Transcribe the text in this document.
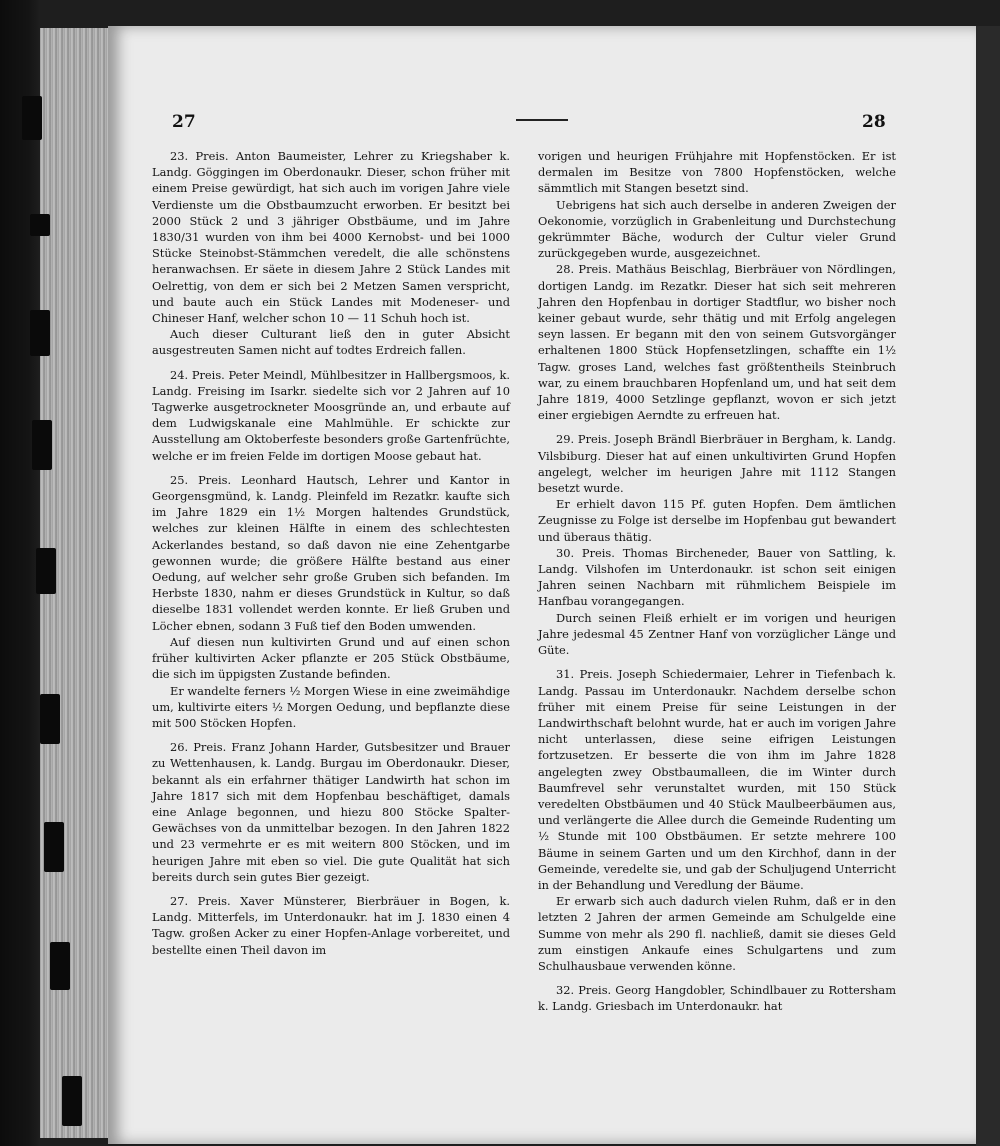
27	28

23. Preis. Anton Baumeister, Lehrer zu Kriegshaber k. Landg. Göggingen im Oberdonaukr. Dieser, schon früher mit einem Preise gewürdigt, hat sich auch im vorigen Jahre viele Verdienste um die Obstbaumzucht erworben. Er besitzt bei 2000 Stück 2 und 3 jähriger Obstbäume, und im Jahre 1830/31 wurden von ihm bei 4000 Kernobst- und bei 1000 Stücke Steinobst-Stämmchen veredelt, die alle schönstens heranwachsen. Er säete in diesem Jahre 2 Stück Landes mit Oelrettig, von dem er sich bei 2 Metzen Samen verspricht, und baute auch ein Stück Landes mit Modeneser- und Chineser Hanf, welcher schon 10 — 11 Schuh hoch ist.

Auch dieser Culturant ließ den in guter Absicht ausgestreuten Samen nicht auf todtes Erdreich fallen.

24. Preis. Peter Meindl, Mühlbesitzer in Hallbergsmoos, k. Landg. Freising im Isarkr. siedelte sich vor 2 Jahren auf 10 Tagwerke ausgetrockneter Moosgründe an, und erbaute auf dem Ludwigskanale eine Mahlmühle. Er schickte zur Ausstellung am Oktoberfeste besonders große Gartenfrüchte, welche er im freien Felde im dortigen Moose gebaut hat.

25. Preis. Leonhard Hautsch, Lehrer und Kantor in Georgensgmünd, k. Landg. Pleinfeld im Rezatkr. kaufte sich im Jahre 1829 ein 1½ Morgen haltendes Grundstück, welches zur kleinen Hälfte in einem des schlechtesten Ackerlandes bestand, so daß davon nie eine Zehentgarbe gewonnen wurde; die größere Hälfte bestand aus einer Oedung, auf welcher sehr große Gruben sich befanden. Im Herbste 1830, nahm er dieses Grundstück in Kultur, so daß dieselbe 1831 vollendet werden konnte. Er ließ Gruben und Löcher ebnen, sodann 3 Fuß tief den Boden umwenden.

Auf diesen nun kultivirten Grund und auf einen schon früher kultivirten Acker pflanzte er 205 Stück Obstbäume, die sich im üppigsten Zustande befinden.

Er wandelte ferners ½ Morgen Wiese in eine zweimähdige um, kultivirte eiters ½ Morgen Oedung, und bepflanzte diese mit 500 Stöcken Hopfen.

26. Preis. Franz Johann Harder, Gutsbesitzer und Brauer zu Wettenhausen, k. Landg. Burgau im Oberdonaukr. Dieser, bekannt als ein erfahrner thätiger Landwirth hat schon im Jahre 1817 sich mit dem Hopfenbau beschäftiget, damals eine Anlage begonnen, und hiezu 800 Stöcke Spalter-Gewächses von da unmittelbar bezogen. In den Jahren 1822 und 23 vermehrte er es mit weitern 800 Stöcken, und im heurigen Jahre mit eben so viel. Die gute Qualität hat sich bereits durch sein gutes Bier gezeigt.

27. Preis. Xaver Münsterer, Bierbräuer in Bogen, k. Landg. Mitterfels, im Unterdonaukr. hat im J. 1830 einen 4 Tagw. großen Acker zu einer Hopfen-Anlage vorbereitet, und bestellte einen Theil davon im

vorigen und heurigen Frühjahre mit Hopfenstöcken. Er ist dermalen im Besitze von 7800 Hopfenstöcken, welche sämmtlich mit Stangen besetzt sind.

Uebrigens hat sich auch derselbe in anderen Zweigen der Oekonomie, vorzüglich in Grabenleitung und Durchstechung gekrümmter Bäche, wodurch der Cultur vieler Grund zurückgegeben wurde, ausgezeichnet.

28. Preis. Mathäus Beischlag, Bierbräuer von Nördlingen, dortigen Landg. im Rezatkr. Dieser hat sich seit mehreren Jahren den Hopfenbau in dortiger Stadtflur, wo bisher noch keiner gebaut wurde, sehr thätig und mit Erfolg angelegen seyn lassen. Er begann mit den von seinem Gutsvorgänger erhaltenen 1800 Stück Hopfensetzlingen, schaffte ein 1½ Tagw. groses Land, welches fast größtentheils Steinbruch war, zu einem brauchbaren Hopfenland um, und hat seit dem Jahre 1819, 4000 Setzlinge gepflanzt, wovon er sich jetzt einer ergiebigen Aerndte zu erfreuen hat.

29. Preis. Joseph Brändl Bierbräuer in Bergham, k. Landg. Vilsbiburg. Dieser hat auf einen unkultivirten Grund Hopfen angelegt, welcher im heurigen Jahre mit 1112 Stangen besetzt wurde.

Er erhielt davon 115 Pf. guten Hopfen. Dem ämtlichen Zeugnisse zu Folge ist derselbe im Hopfenbau gut bewandert und überaus thätig.

30. Preis. Thomas Bircheneder, Bauer von Sattling, k. Landg. Vilshofen im Unterdonaukr. ist schon seit einigen Jahren seinen Nachbarn mit rühmlichem Beispiele im Hanfbau vorangegangen.

Durch seinen Fleiß erhielt er im vorigen und heurigen Jahre jedesmal 45 Zentner Hanf von vorzüglicher Länge und Güte.

31. Preis. Joseph Schiedermaier, Lehrer in Tiefenbach k. Landg. Passau im Unterdonaukr. Nachdem derselbe schon früher mit einem Preise für seine Leistungen in der Landwirthschaft belohnt wurde, hat er auch im vorigen Jahre nicht unterlassen, diese seine eifrigen Leistungen fortzusetzen. Er besserte die von ihm im Jahre 1828 angelegten zwey Obstbaumalleen, die im Winter durch Baumfrevel sehr verunstaltet wurden, mit 150 Stück veredelten Obstbäumen und 40 Stück Maulbeerbäumen aus, und verlängerte die Allee durch die Gemeinde Rudenting um ½ Stunde mit 100 Obstbäumen. Er setzte mehrere 100 Bäume in seinem Garten und um den Kirchhof, dann in der Gemeinde, veredelte sie, und gab der Schuljugend Unterricht in der Behandlung und Veredlung der Bäume.

Er erwarb sich auch dadurch vielen Ruhm, daß er in den letzten 2 Jahren der armen Gemeinde am Schulgelde eine Summe von mehr als 290 fl. nachließ, damit sie dieses Geld zum einstigen Ankaufe eines Schulgartens und zum Schulhausbaue verwenden könne.

32. Preis. Georg Hangdobler, Schindlbauer zu Rottersham k. Landg. Griesbach im Unterdonaukr. hat
